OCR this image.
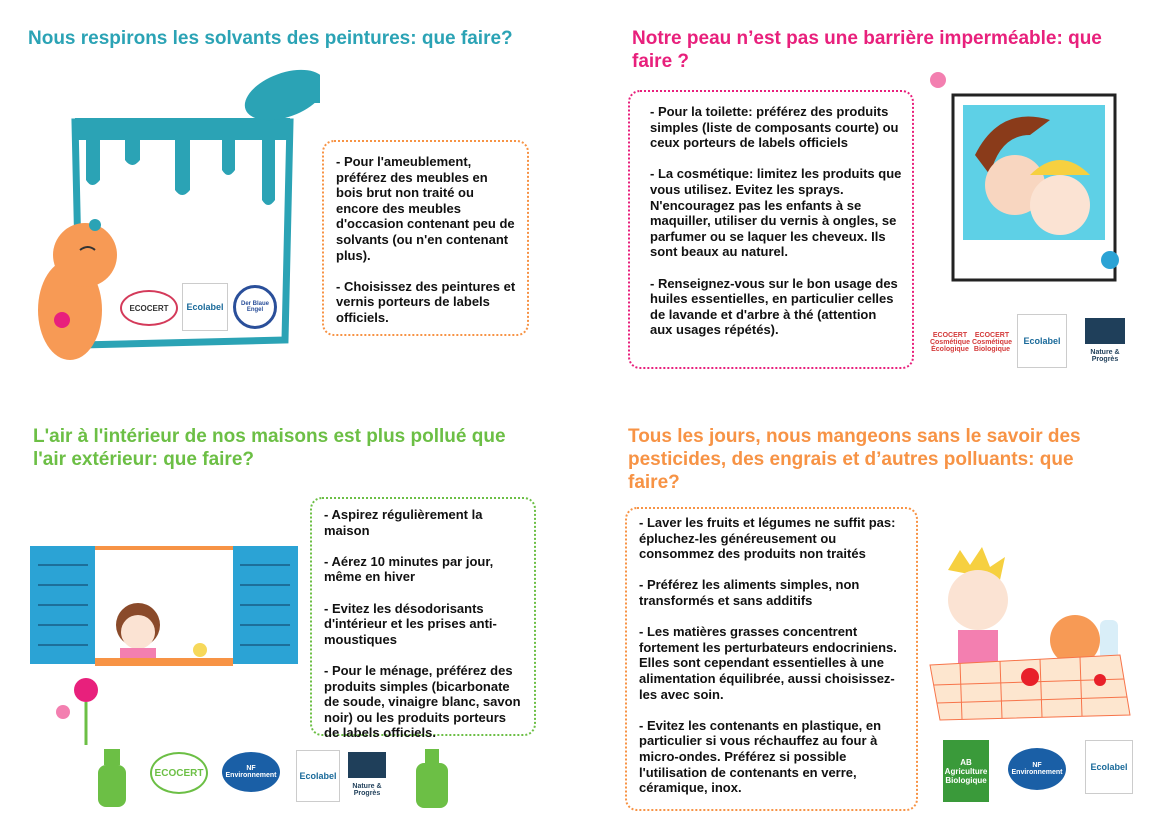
Nous respirons les solvants des peintures: que faire?
ECOCERT	Ecolabel	Der Blaue Engel

- Pour l'ameublement, préférez des meubles en bois brut non traité ou encore des meubles d'occasion contenant peu de solvants (ou n'en contenant plus).

- Choisissez des peintures et vernis porteurs de labels officiels.

Notre peau n’est pas une barrière imperméable: que faire ?

- Pour la toilette: préférez des produits simples (liste de composants courte) ou ceux porteurs de labels officiels

- La cosmétique: limitez les produits que vous utilisez. Evitez les sprays. N'encouragez pas les enfants à se maquiller, utiliser du vernis à ongles, se parfumer ou se laquer les cheveux. Ils sont beaux au naturel.

- Renseignez-vous sur le bon usage des huiles essentielles, en particulier celles de lavande et d'arbre à thé (attention aux usages répétés).	ECOCERT Cosmétique Écologique
ECOCERT Cosmétique Biologique
Ecolabel
Nature & Progrès
L'air à l'intérieur de nos maisons est plus pollué que l'air extérieur: que faire?

- Aspirez régulièrement la maison

- Aérez 10 minutes par jour, même en hiver

- Evitez les désodorisants d'intérieur et les prises anti-moustiques

- Pour le ménage, préférez des produits simples (bicarbonate de soude, vinaigre blanc, savon noir) ou les produits porteurs de labels officiels.

ECOCERT	NF Environnement	Ecolabel
Nature & Progrès
Tous les jours, nous mangeons sans le savoir des pesticides, des engrais et d’autres polluants: que faire?

- Laver les fruits et légumes ne suffit pas: épluchez-les généreusement ou consommez des produits non traités

- Préférez les aliments simples, non transformés et sans additifs

- Les matières grasses concentrent fortement les perturbateurs endocriniens. Elles sont cependant essentielles à une alimentation équilibrée, aussi choisissez-les avec soin.

- Evitez les contenants en plastique, en particulier si vous réchauffez au four à micro-ondes. Préférez si possible l'utilisation de contenants en verre, céramique, inox.

AB Agriculture Biologique
NF Environnement
Ecolabel
